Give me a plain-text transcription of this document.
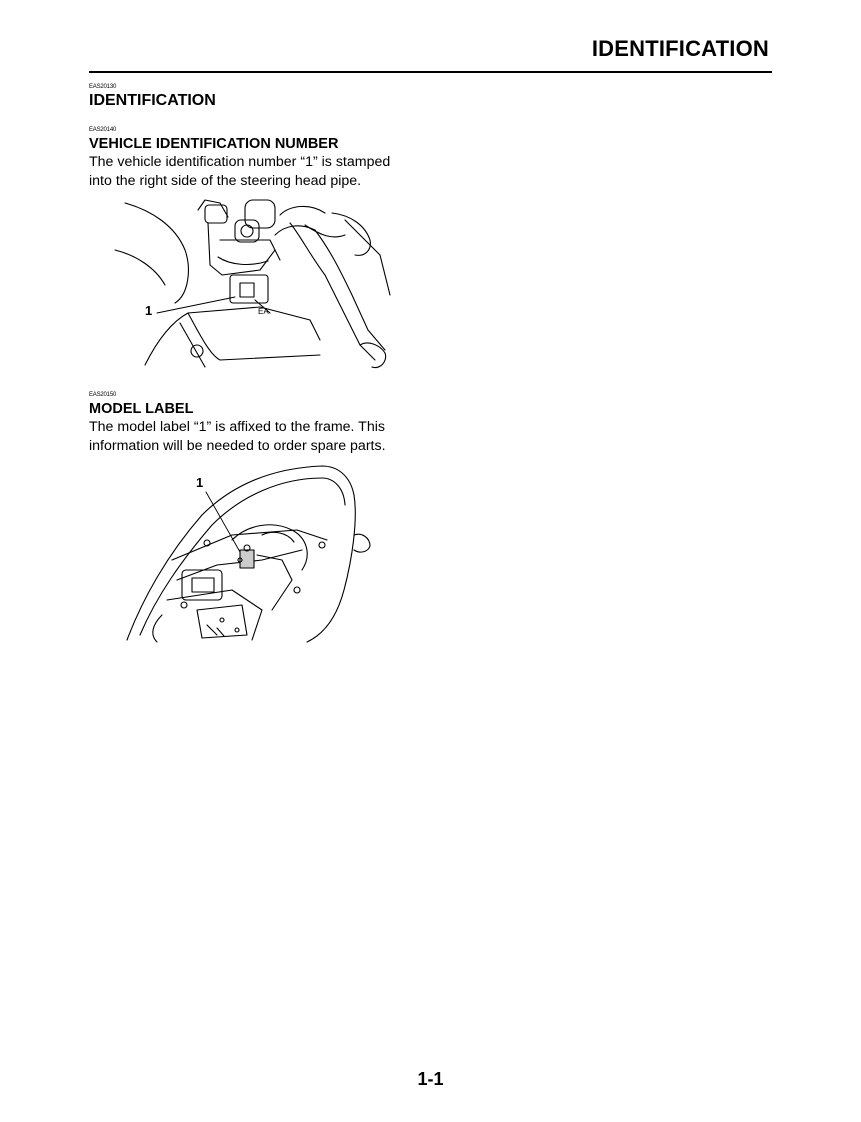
IDENTIFICATION
EAS20130
IDENTIFICATION
EAS20140
VEHICLE IDENTIFICATION NUMBER
The vehicle identification number “1” is stamped
into the right side of the steering head pipe.
EA
1
EAS20150
MODEL LABEL
The model label “1” is affixed to the frame. This
information will be needed to order spare parts.
1
1-1
